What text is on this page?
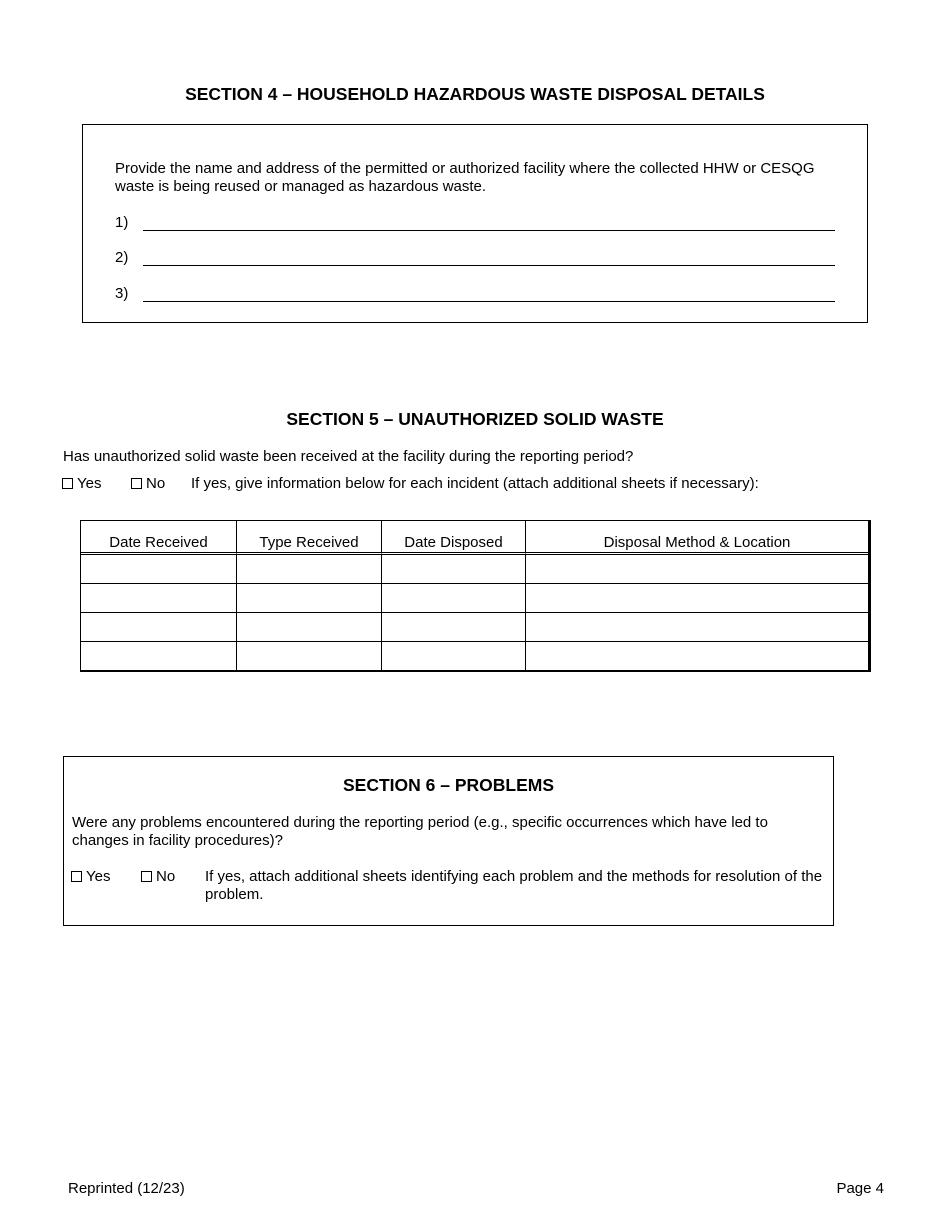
SECTION 4 – HOUSEHOLD HAZARDOUS WASTE DISPOSAL DETAILS
Provide the name and address of the permitted or authorized facility where the collected HHW or CESQG waste is being reused or managed as hazardous waste.
1)
2)
3)
SECTION 5 – UNAUTHORIZED SOLID WASTE
Has unauthorized solid waste been received at the facility during the reporting period?
Yes	No If yes, give information below for each incident (attach additional sheets if necessary):
Date Received	Type Received	Date Disposed	Disposal Method & Location

SECTION 6 – PROBLEMS
Were any problems encountered during the reporting period (e.g., specific occurrences which have led to changes in facility procedures)?
Yes	No If yes, attach additional sheets identifying each problem and the methods for resolution of the problem.
Reprinted (12/23)	Page 4
